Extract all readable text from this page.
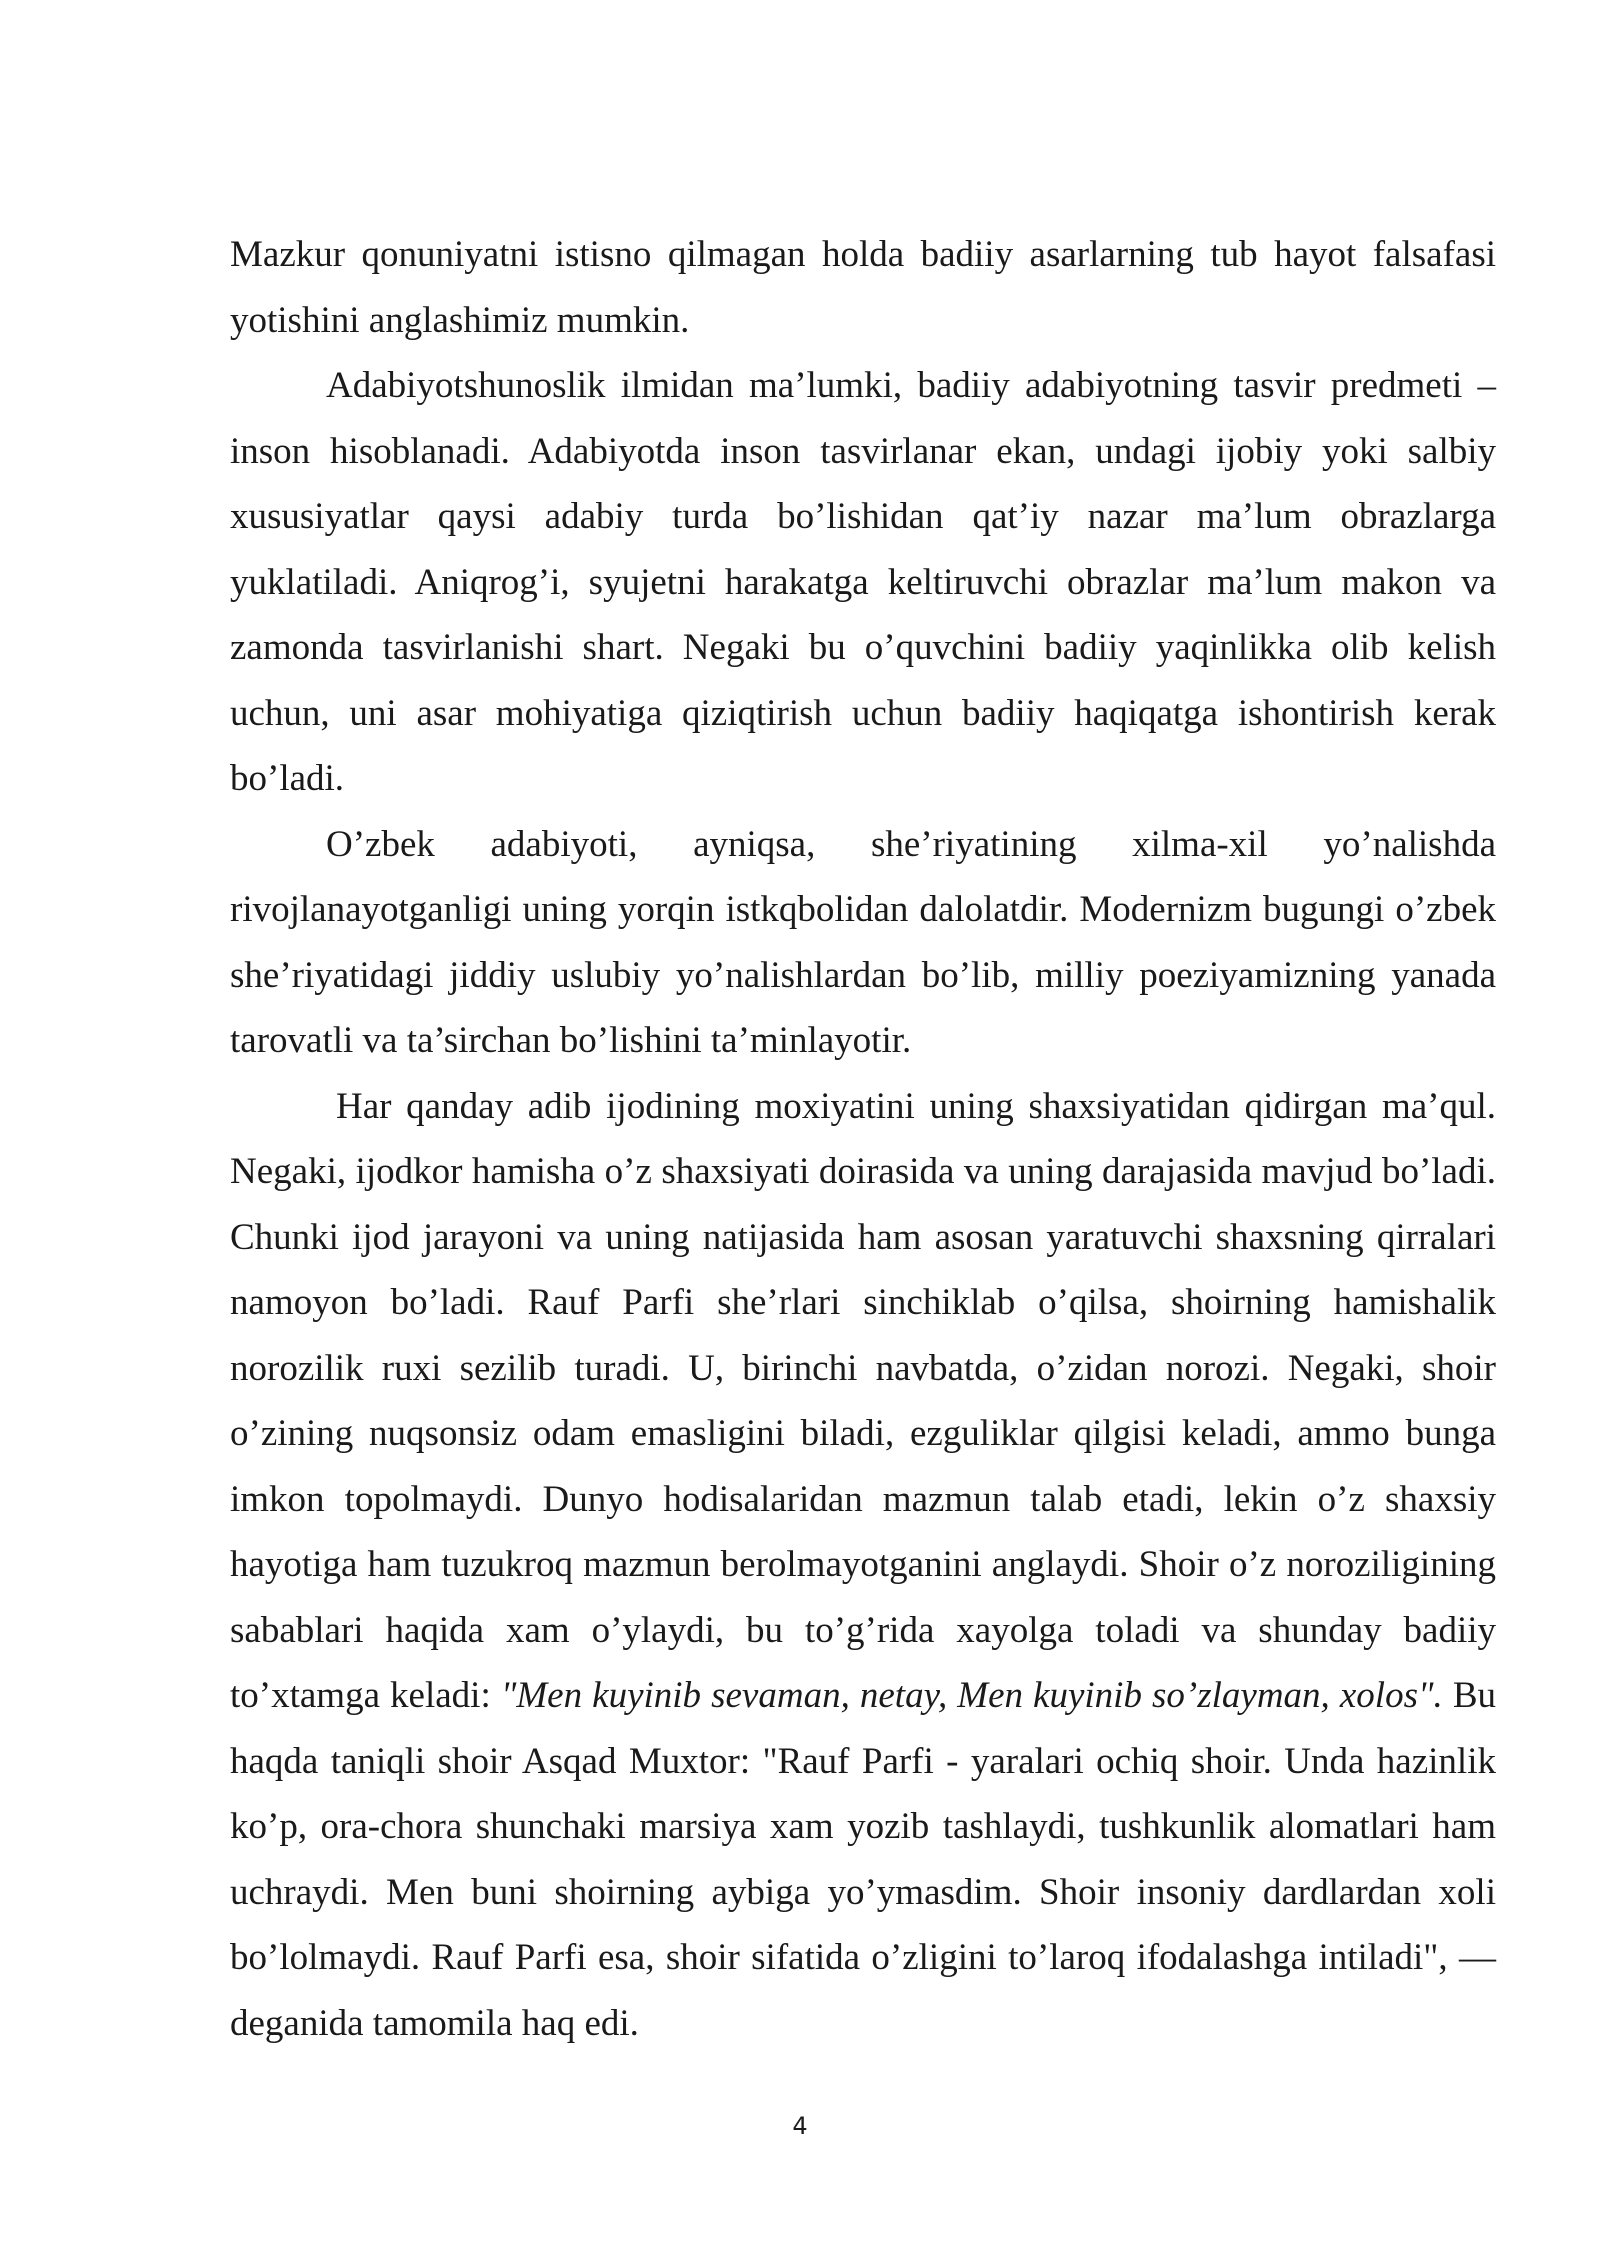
Mazkur qonuniyatni istisno qilmagan holda badiiy asarlarning tub hayot falsafasi yotishini anglashimiz mumkin.

Adabiyotshunoslik ilmidan ma’lumki, badiiy adabiyotning tasvir predmeti – inson hisoblanadi. Adabiyotda inson tasvirlanar ekan, undagi ijobiy yoki salbiy xususiyatlar qaysi adabiy turda bo’lishidan qat’iy nazar ma’lum obrazlarga yuklatiladi. Aniqrog’i, syujetni harakatga keltiruvchi obrazlar ma’lum makon va zamonda tasvirlanishi shart. Negaki bu o’quvchini badiiy yaqinlikka olib kelish uchun, uni asar mohiyatiga qiziqtirish uchun badiiy haqiqatga ishontirish kerak bo’ladi.

O’zbek adabiyoti, ayniqsa, she’riyatining xilma-xil yo’nalishda rivojlanayotganligi uning yorqin istkqbolidan dalolatdir. Modernizm bugungi o’zbek she’riyatidagi jiddiy uslubiy yo’nalishlardan bo’lib, milliy poeziyamizning yanada tarovatli va ta’sirchan bo’lishini ta’minlayotir.

Har qanday adib ijodining moxiyatini uning shaxsiyatidan qidirgan ma’qul. Negaki, ijodkor hamisha o’z shaxsiyati doirasida va uning darajasida mavjud bo’ladi. Chunki ijod jarayoni va uning natijasida ham asosan yaratuvchi shaxsning qirralari namoyon bo’ladi. Rauf Parfi she’rlari sinchiklab o’qilsa, shoirning hamishalik norozilik ruxi sezilib turadi. U, birinchi navbatda, o’zidan norozi. Negaki, shoir o’zining nuqsonsiz odam emasligini biladi, ezguliklar qilgisi keladi, ammo bunga imkon topolmaydi. Dunyo hodisalaridan mazmun talab etadi, lekin o’z shaxsiy hayotiga ham tuzukroq mazmun berolmayotganini anglaydi. Shoir o’z noroziligining sabablari haqida xam o’ylaydi, bu to’g’rida xayolga toladi va shunday badiiy to’xtamga keladi: "Men kuyinib sevaman, netay, Men kuyinib so’zlayman, xolos". Bu haqda taniqli shoir Asqad Muxtor: "Rauf Parfi - yaralari ochiq shoir. Unda hazinlik ko’p, ora-chora shunchaki marsiya xam yozib tashlaydi, tushkunlik alomatlari ham uchraydi. Men buni shoirning aybiga yo’ymasdim. Shoir insoniy dardlardan xoli bo’lolmaydi. Rauf Parfi esa, shoir sifatida o’zligini to’laroq ifodalashga intiladi", — deganida tamomila haq edi.

4
